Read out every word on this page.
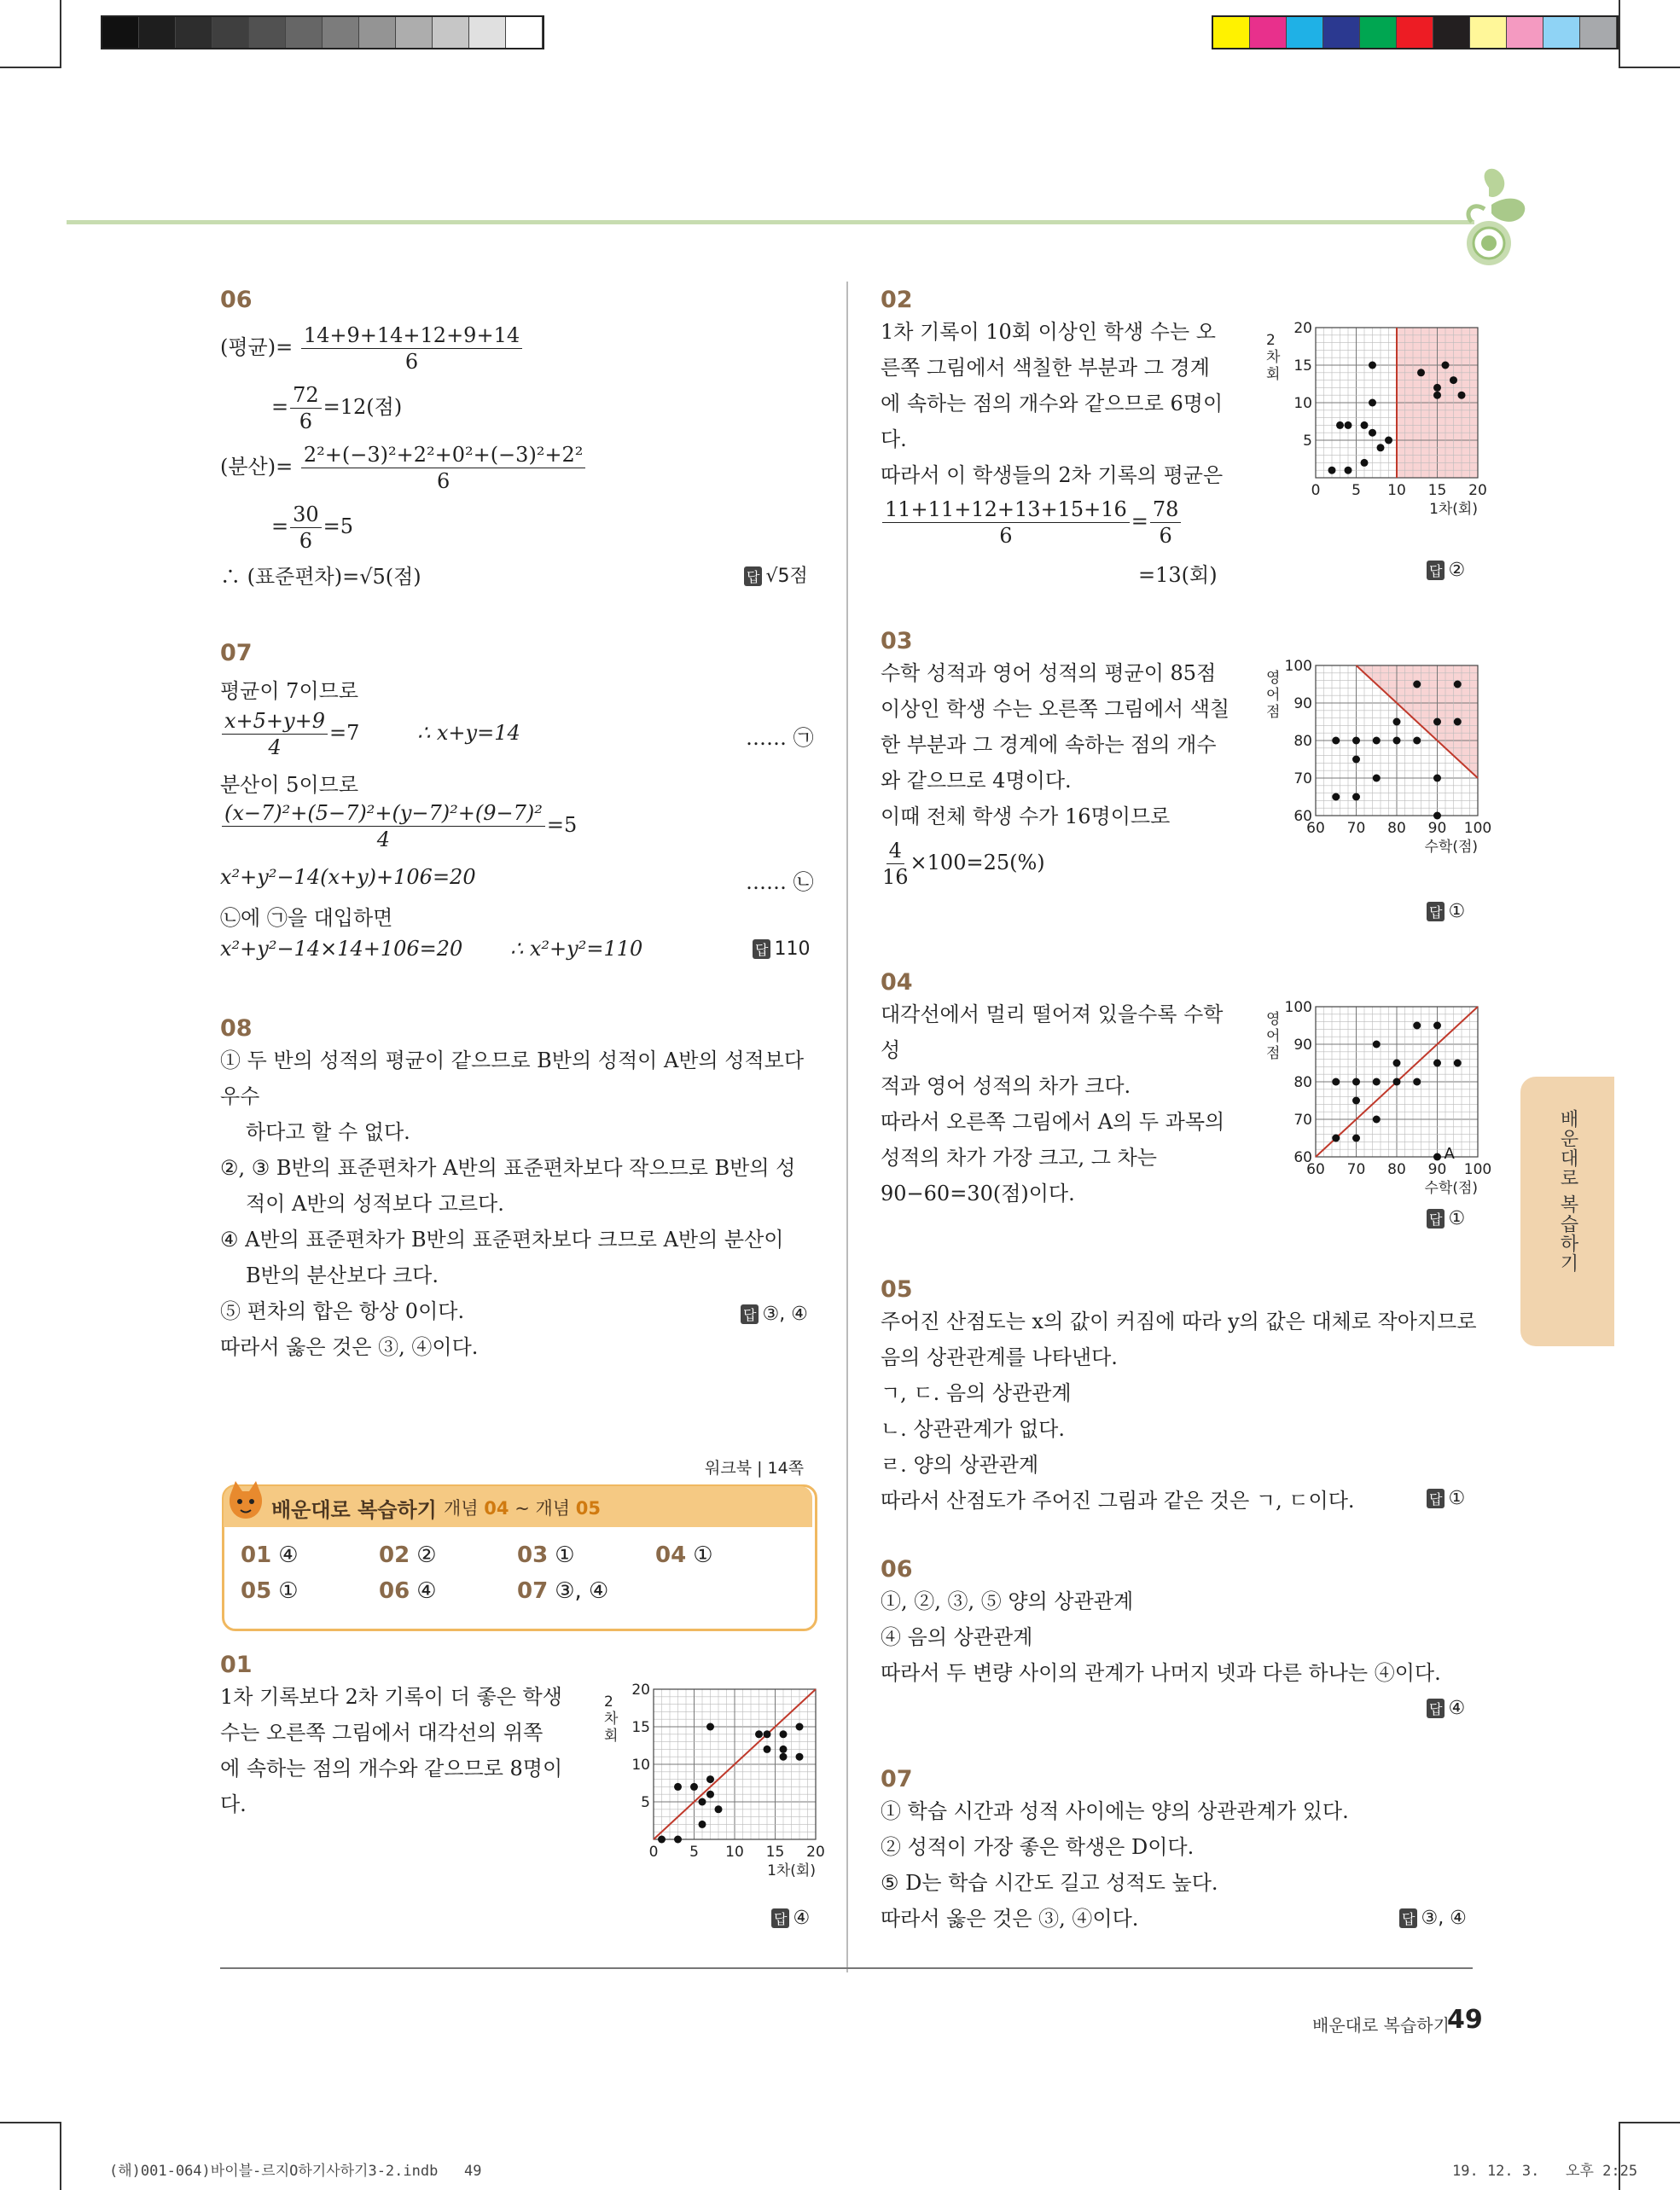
06
(평균)= $\frac{14+9+14+12+9+14}{6}$
= $\frac{72}{6} =12$(점)
(분산)= $\frac{\text{2²+(−3)²+2²+0²+(−3)²+2²}}{6}$
= $\frac{30}{6} =5$
∴ (표준편차)=√5(점)	답 √5점
07
평균이 7이므로
$\frac{x+5+y+9}{4} =7$	∴ x+y=14	…… ㉠
분산이 5이므로
$\frac{\text{(x−7)²+(5−7)²+(y−7)²+(9−7)²}}{4} =5$
x²+y²−14(x+y)+106=20	…… ㉡
㉡에 ㉠을 대입하면
x²+y²−14×14+106=20 ∴ x²+y²=110	답 110
08
① 두 반의 성적의 평균이 같으므로 B반의 성적이 A반의 성적보다 우수
하다고 할 수 없다.
②, ③ B반의 표준편차가 A반의 표준편차보다 작으므로 B반의 성
적이 A반의 성적보다 고르다.
④ A반의 표준편차가 B반의 표준편차보다 크므로 A반의 분산이
B반의 분산보다 크다.
⑤ 편차의 합은 항상 0이다.
따라서 옳은 것은 ③, ④이다.
답 ③, ④
워크북 | 14쪽
배운대로 복습하기 개념 04 ~ 개념 05
01 ④	02 ②	03 ①	04 ①
05 ①	06 ④	07 ③, ④
01
1차 기록보다 2차 기록이 더 좋은 학생
수는 오른쪽 그림에서 대각선의 위쪽
에 속하는 점의 개수와 같으므로 8명이
다.
0 5 10 15 20
5
10
15
20
1차(회)
2 차 회
답 ④
02
1차 기록이 10회 이상인 학생 수는 오
른쪽 그림에서 색칠한 부분과 그 경계
에 속하는 점의 개수와 같으므로 6명이
다.
따라서 이 학생들의 2차 기록의 평균은
$\frac{11+11+12+13+15+16}{6} = \frac{78}{6}$
=13(회)
0 5 10 15 20
5
10
15
20
1차(회)
2 차 회
답 ②
03
수학 성적과 영어 성적의 평균이 85점
이상인 학생 수는 오른쪽 그림에서 색칠
한 부분과 그 경계에 속하는 점의 개수
와 같으므로 4명이다.
이때 전체 학생 수가 16명이므로
$\frac{4}{16} \times 100=25(\%)$
60 70 80 90 100
60
70
80
90
100
수학(점)
영 어 점
답 ①
04
대각선에서 멀리 떨어져 있을수록 수학 성
적과 영어 성적의 차가 크다.
따라서 오른쪽 그림에서 A의 두 과목의
성적의 차가 가장 크고, 그 차는
90−60=30(점)이다.
60 70 80 90 100
60
70
80
90
100
수학(점)
영 어 점
A
답 ①
05
주어진 산점도는 x의 값이 커짐에 따라 y의 값은 대체로 작아지므로
음의 상관관계를 나타낸다.
ㄱ, ㄷ. 음의 상관관계
ㄴ. 상관관계가 없다.
ㄹ. 양의 상관관계
따라서 산점도가 주어진 그림과 같은 것은 ㄱ, ㄷ이다.	답 ①
06
①, ②, ③, ⑤ 양의 상관관계
④ 음의 상관관계
따라서 두 변량 사이의 관계가 나머지 넷과 다른 하나는 ④이다.
답 ④
07
① 학습 시간과 성적 사이에는 양의 상관관계가 있다.
② 성적이 가장 좋은 학생은 D이다.
⑤ D는 학습 시간도 길고 성적도 높다.
따라서 옳은 것은 ③, ④이다.	답 ③, ④
배운대로 복습하기
배운대로 복습하기
49
(해)001-064)바이블-르지O하기사하기3-2.indb   49	19. 12. 3.   오후 2:25
